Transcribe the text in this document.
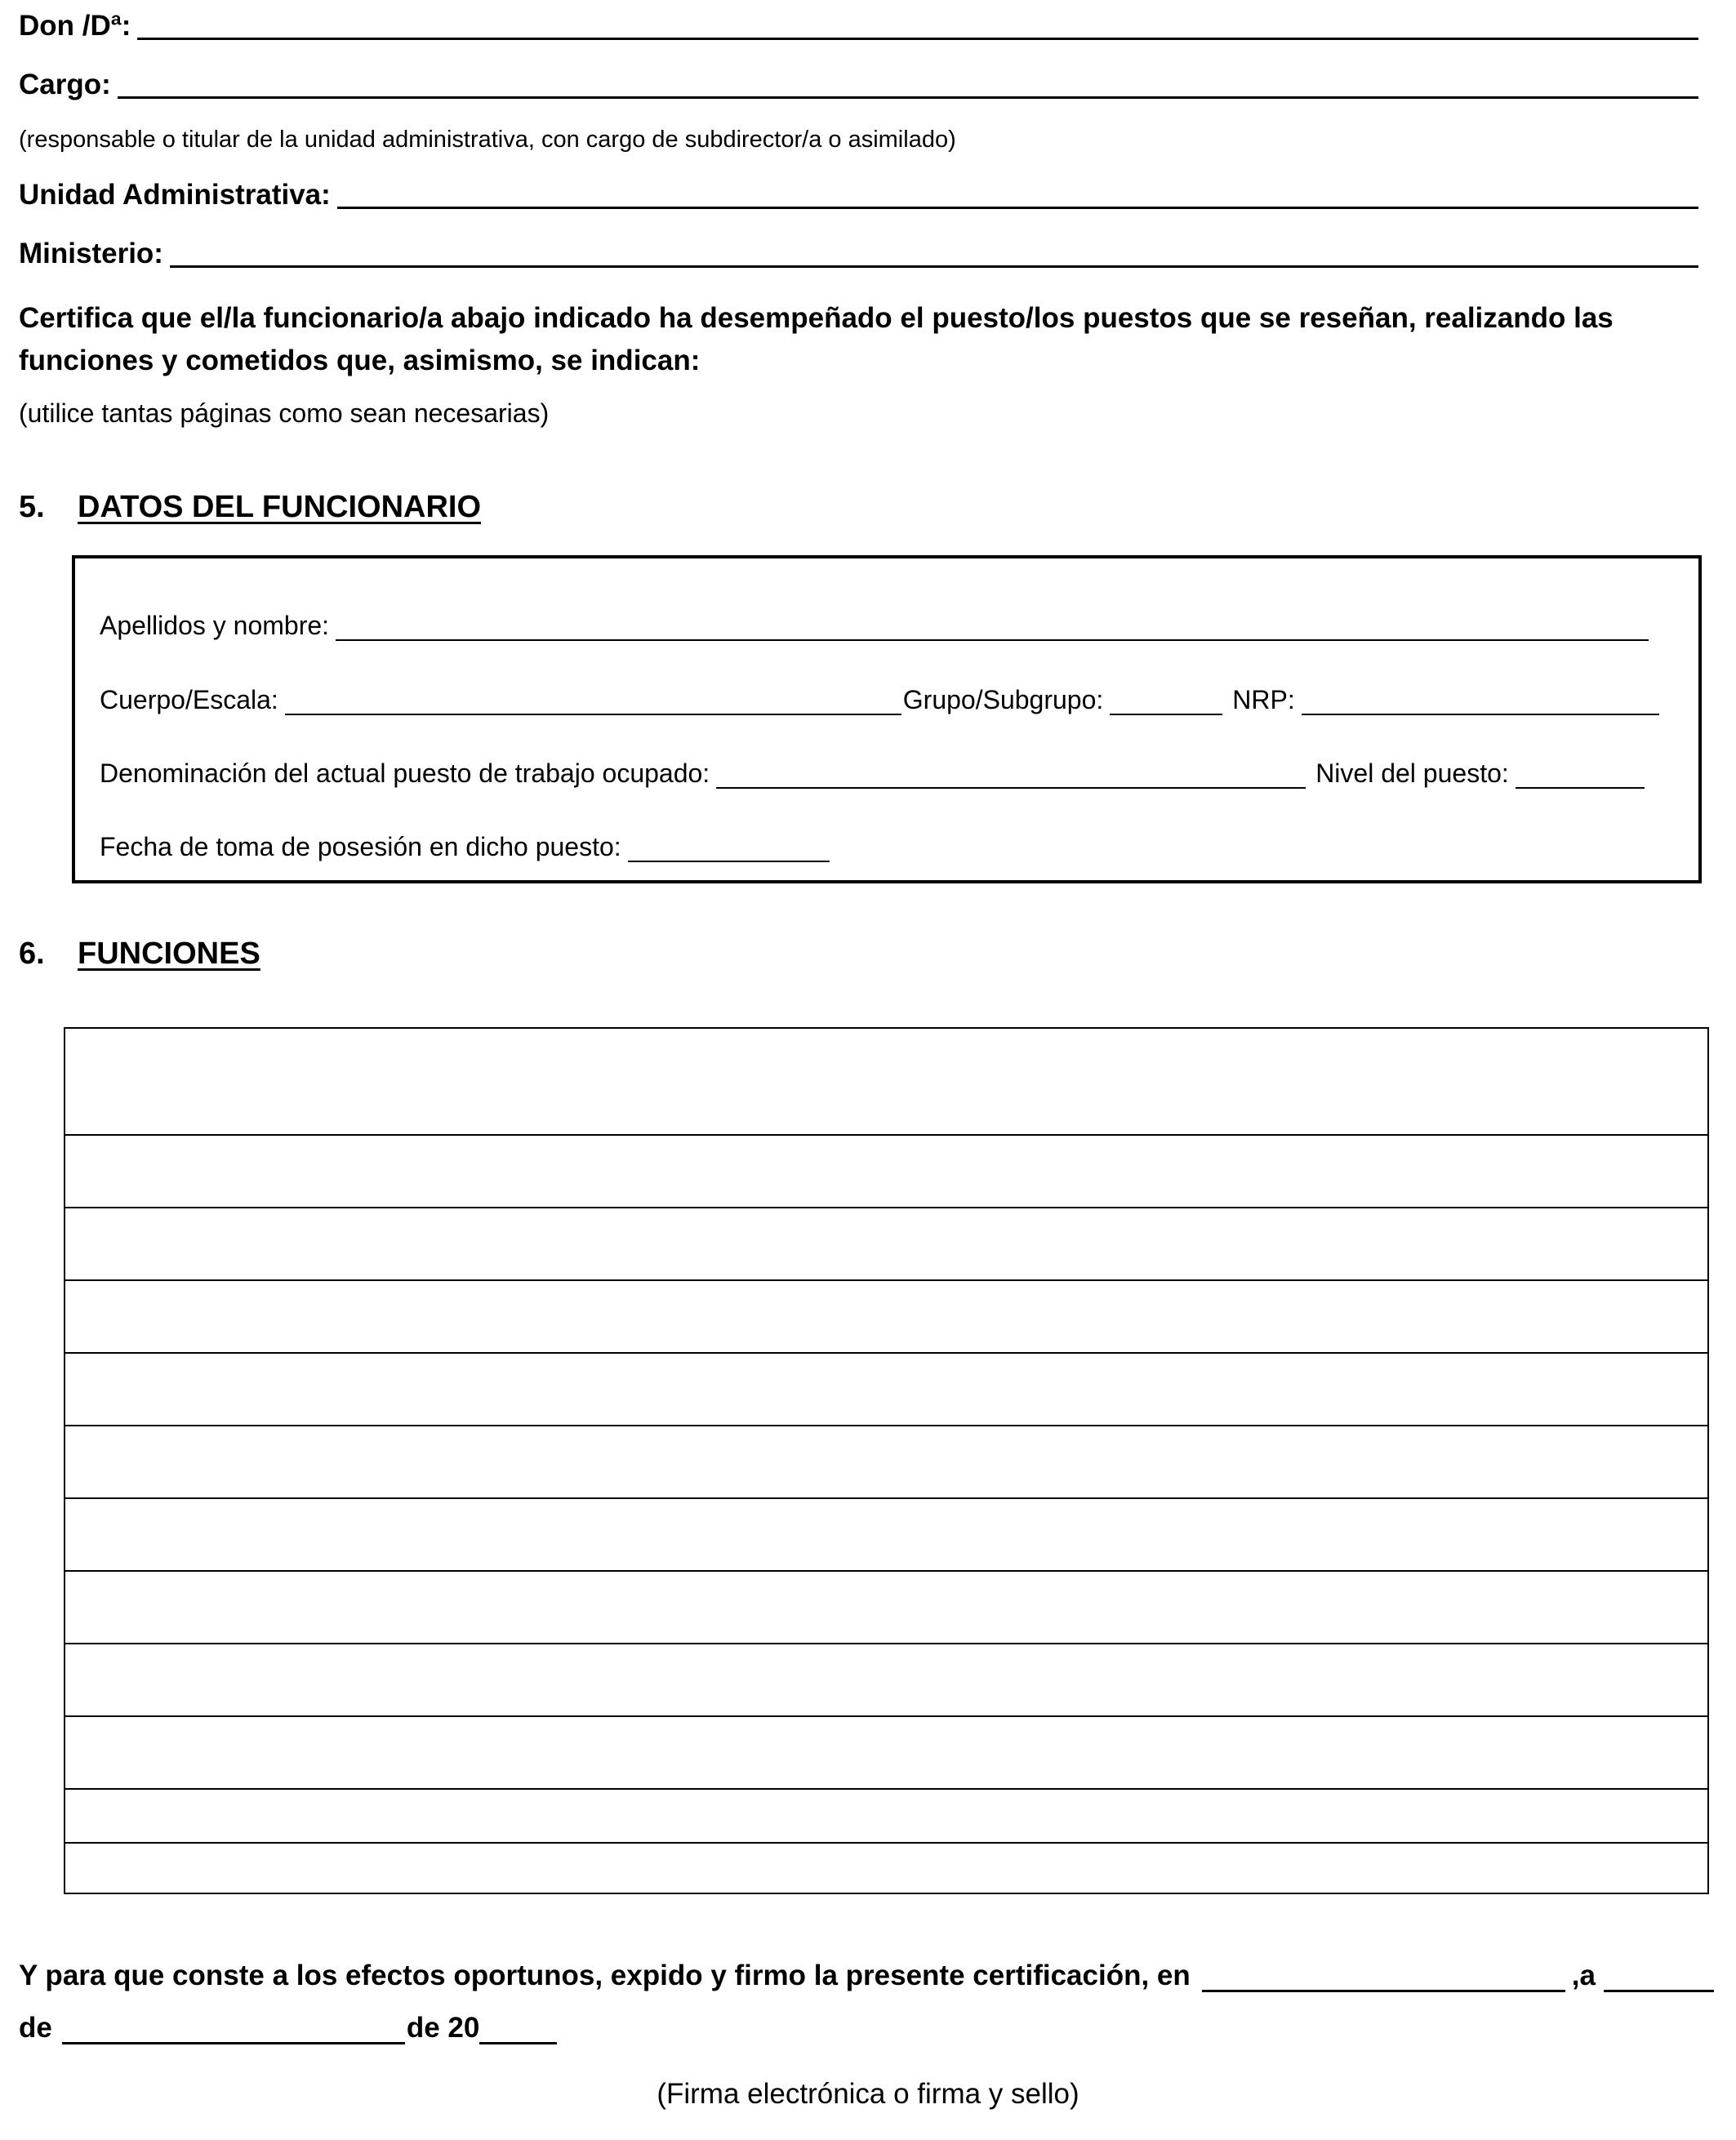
Don /Dª:
Cargo:
(responsable o titular de la unidad administrativa, con cargo de subdirector/a o asimilado)
Unidad Administrativa:
Ministerio:
Certifica que el/la funcionario/a abajo indicado ha desempeñado el puesto/los puestos que se reseñan, realizando las
funciones y cometidos que, asimismo, se indican:
(utilice tantas páginas como sean necesarias)
5. DATOS DEL FUNCIONARIO
Apellidos y nombre:
Cuerpo/Escala:	Grupo/Subgrupo:	NRP:
Denominación del actual puesto de trabajo ocupado:	Nivel del puesto:
Fecha de toma de posesión en dicho puesto:
6. FUNCIONES
Y para que conste a los efectos oportunos, expido y firmo la presente certificación, en	,a
de	de 20
(Firma electrónica o firma y sello)
